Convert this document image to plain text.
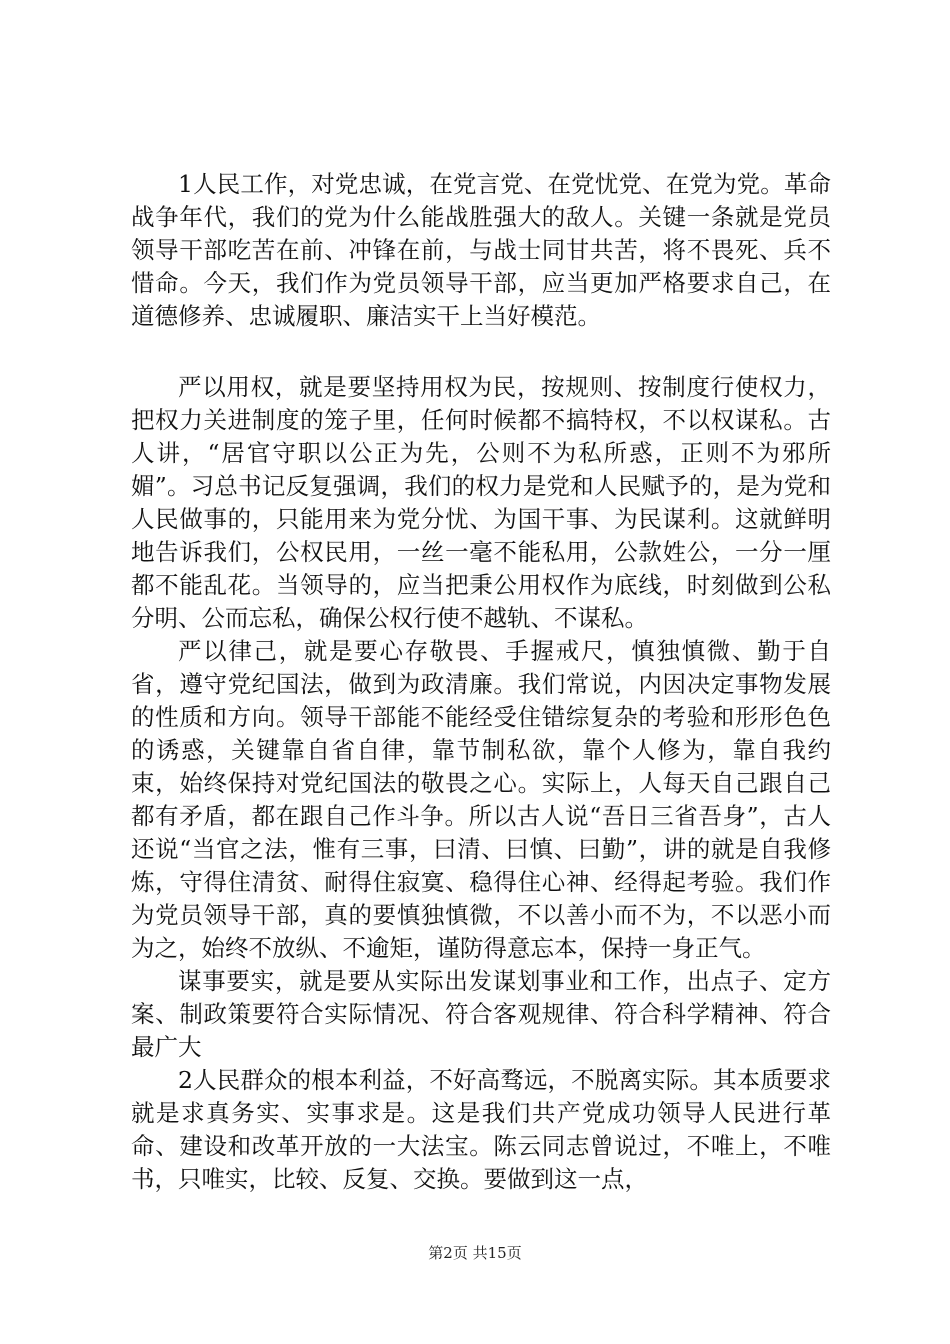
1人民工作，对党忠诚，在党言党、在党忧党、在党为党。革命战争年代，我们的党为什么能战胜强大的敌人。关键一条就是党员领导干部吃苦在前、冲锋在前，与战士同甘共苦，将不畏死、兵不惜命。今天，我们作为党员领导干部，应当更加严格要求自己，在道德修养、忠诚履职、廉洁实干上当好模范。

严以用权，就是要坚持用权为民，按规则、按制度行使权力，把权力关进制度的笼子里，任何时候都不搞特权，不以权谋私。古人讲，“居官守职以公正为先，公则不为私所惑，正则不为邪所媚”。习总书记反复强调，我们的权力是党和人民赋予的，是为党和人民做事的，只能用来为党分忧、为国干事、为民谋利。这就鲜明地告诉我们，公权民用，一丝一毫不能私用，公款姓公，一分一厘都不能乱花。当领导的，应当把秉公用权作为底线，时刻做到公私分明、公而忘私，确保公权行使不越轨、不谋私。

严以律己，就是要心存敬畏、手握戒尺，慎独慎微、勤于自省，遵守党纪国法，做到为政清廉。我们常说，内因决定事物发展的性质和方向。领导干部能不能经受住错综复杂的考验和形形色色的诱惑，关键靠自省自律，靠节制私欲，靠个人修为，靠自我约束，始终保持对党纪国法的敬畏之心。实际上，人每天自己跟自己都有矛盾，都在跟自己作斗争。所以古人说“吾日三省吾身”，古人还说“当官之法，惟有三事，曰清、曰慎、曰勤”，讲的就是自我修炼，守得住清贫、耐得住寂寞、稳得住心神、经得起考验。我们作为党员领导干部，真的要慎独慎微，不以善小而不为，不以恶小而为之，始终不放纵、不逾矩，谨防得意忘本，保持一身正气。

谋事要实，就是要从实际出发谋划事业和工作，出点子、定方案、制政策要符合实际情况、符合客观规律、符合科学精神、符合最广大

2人民群众的根本利益，不好高骛远，不脱离实际。其本质要求就是求真务实、实事求是。这是我们共产党成功领导人民进行革命、建设和改革开放的一大法宝。陈云同志曾说过，不唯上，不唯书，只唯实，比较、反复、交换。要做到这一点，

第2页 共15页
